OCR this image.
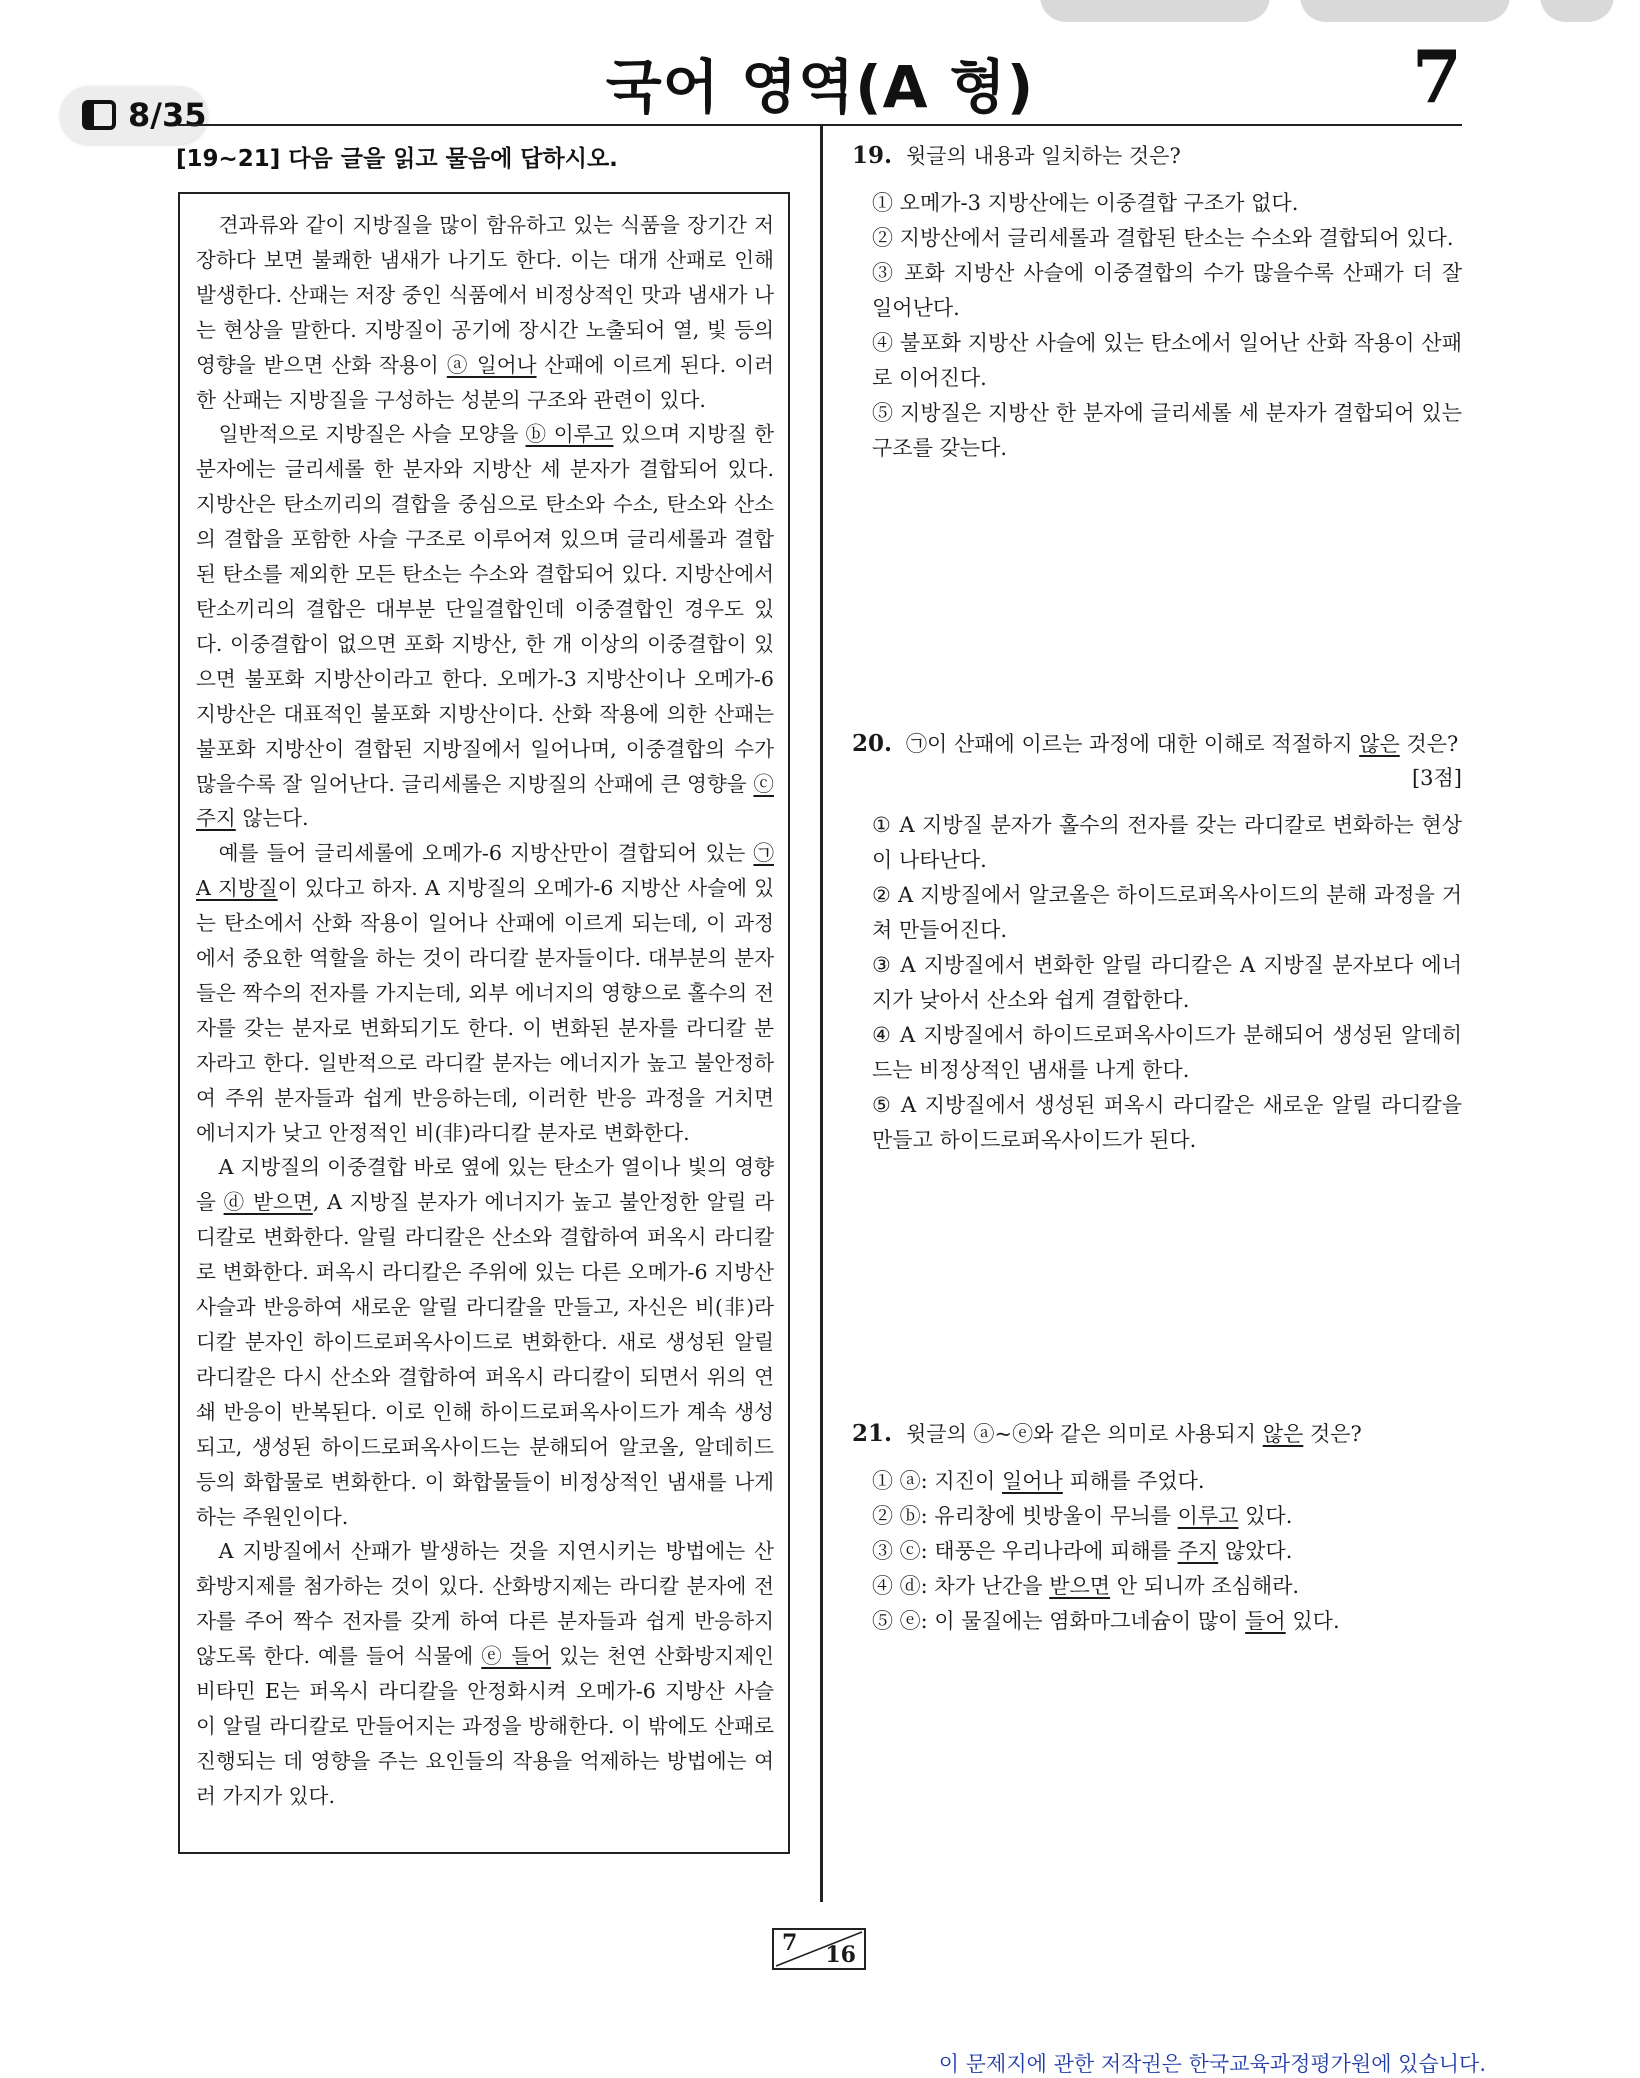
8/35	국어 영역(A 형)	7
[19~21] 다음 글을 읽고 물음에 답하시오.

견과류와 같이 지방질을 많이 함유하고 있는 식품을 장기간 저장하다 보면 불쾌한 냄새가 나기도 한다. 이는 대개 산패로 인해 발생한다. 산패는 저장 중인 식품에서 비정상적인 맛과 냄새가 나는 현상을 말한다. 지방질이 공기에 장시간 노출되어 열, 빛 등의 영향을 받으면 산화 작용이 ⓐ 일어나 산패에 이르게 된다. 이러한 산패는 지방질을 구성하는 성분의 구조와 관련이 있다.

일반적으로 지방질은 사슬 모양을 ⓑ 이루고 있으며 지방질 한 분자에는 글리세롤 한 분자와 지방산 세 분자가 결합되어 있다. 지방산은 탄소끼리의 결합을 중심으로 탄소와 수소, 탄소와 산소의 결합을 포함한 사슬 구조로 이루어져 있으며 글리세롤과 결합된 탄소를 제외한 모든 탄소는 수소와 결합되어 있다. 지방산에서 탄소끼리의 결합은 대부분 단일결합인데 이중결합인 경우도 있다. 이중결합이 없으면 포화 지방산, 한 개 이상의 이중결합이 있으면 불포화 지방산이라고 한다. 오메가-3 지방산이나 오메가-6 지방산은 대표적인 불포화 지방산이다. 산화 작용에 의한 산패는 불포화 지방산이 결합된 지방질에서 일어나며, 이중결합의 수가 많을수록 잘 일어난다. 글리세롤은 지방질의 산패에 큰 영향을 ⓒ 주지 않는다.

예를 들어 글리세롤에 오메가-6 지방산만이 결합되어 있는 ㉠ A 지방질이 있다고 하자. A 지방질의 오메가-6 지방산 사슬에 있는 탄소에서 산화 작용이 일어나 산패에 이르게 되는데, 이 과정에서 중요한 역할을 하는 것이 라디칼 분자들이다. 대부분의 분자들은 짝수의 전자를 가지는데, 외부 에너지의 영향으로 홀수의 전자를 갖는 분자로 변화되기도 한다. 이 변화된 분자를 라디칼 분자라고 한다. 일반적으로 라디칼 분자는 에너지가 높고 불안정하여 주위 분자들과 쉽게 반응하는데, 이러한 반응 과정을 거치면 에너지가 낮고 안정적인 비(非)라디칼 분자로 변화한다.

A 지방질의 이중결합 바로 옆에 있는 탄소가 열이나 빛의 영향을 ⓓ 받으면, A 지방질 분자가 에너지가 높고 불안정한 알릴 라디칼로 변화한다. 알릴 라디칼은 산소와 결합하여 퍼옥시 라디칼로 변화한다. 퍼옥시 라디칼은 주위에 있는 다른 오메가-6 지방산 사슬과 반응하여 새로운 알릴 라디칼을 만들고, 자신은 비(非)라디칼 분자인 하이드로퍼옥사이드로 변화한다. 새로 생성된 알릴 라디칼은 다시 산소와 결합하여 퍼옥시 라디칼이 되면서 위의 연쇄 반응이 반복된다. 이로 인해 하이드로퍼옥사이드가 계속 생성되고, 생성된 하이드로퍼옥사이드는 분해되어 알코올, 알데히드 등의 화합물로 변화한다. 이 화합물들이 비정상적인 냄새를 나게 하는 주원인이다.

A 지방질에서 산패가 발생하는 것을 지연시키는 방법에는 산화방지제를 첨가하는 것이 있다. 산화방지제는 라디칼 분자에 전자를 주어 짝수 전자를 갖게 하여 다른 분자들과 쉽게 반응하지 않도록 한다. 예를 들어 식물에 ⓔ 들어 있는 천연 산화방지제인 비타민 E는 퍼옥시 라디칼을 안정화시켜 오메가-6 지방산 사슬이 알릴 라디칼로 만들어지는 과정을 방해한다. 이 밖에도 산패로 진행되는 데 영향을 주는 요인들의 작용을 억제하는 방법에는 여러 가지가 있다.

19. 윗글의 내용과 일치하는 것은?
① 오메가-3 지방산에는 이중결합 구조가 없다.
② 지방산에서 글리세롤과 결합된 탄소는 수소와 결합되어 있다.
③ 포화 지방산 사슬에 이중결합의 수가 많을수록 산패가 더 잘 일어난다.
④ 불포화 지방산 사슬에 있는 탄소에서 일어난 산화 작용이 산패로 이어진다.
⑤ 지방질은 지방산 한 분자에 글리세롤 세 분자가 결합되어 있는 구조를 갖는다.
20. ㉠이 산패에 이르는 과정에 대한 이해로 적절하지 않은 것은?
[3점]
① A 지방질 분자가 홀수의 전자를 갖는 라디칼로 변화하는 현상이 나타난다.
② A 지방질에서 알코올은 하이드로퍼옥사이드의 분해 과정을 거쳐 만들어진다.
③ A 지방질에서 변화한 알릴 라디칼은 A 지방질 분자보다 에너지가 낮아서 산소와 쉽게 결합한다.
④ A 지방질에서 하이드로퍼옥사이드가 분해되어 생성된 알데히드는 비정상적인 냄새를 나게 한다.
⑤ A 지방질에서 생성된 퍼옥시 라디칼은 새로운 알릴 라디칼을 만들고 하이드로퍼옥사이드가 된다.
21. 윗글의 ⓐ~ⓔ와 같은 의미로 사용되지 않은 것은?
① ⓐ: 지진이 일어나 피해를 주었다.
② ⓑ: 유리창에 빗방울이 무늬를 이루고 있다.
③ ⓒ: 태풍은 우리나라에 피해를 주지 않았다.
④ ⓓ: 차가 난간을 받으면 안 되니까 조심해라.
⑤ ⓔ: 이 물질에는 염화마그네슘이 많이 들어 있다.
7 16
이 문제지에 관한 저작권은 한국교육과정평가원에 있습니다.
